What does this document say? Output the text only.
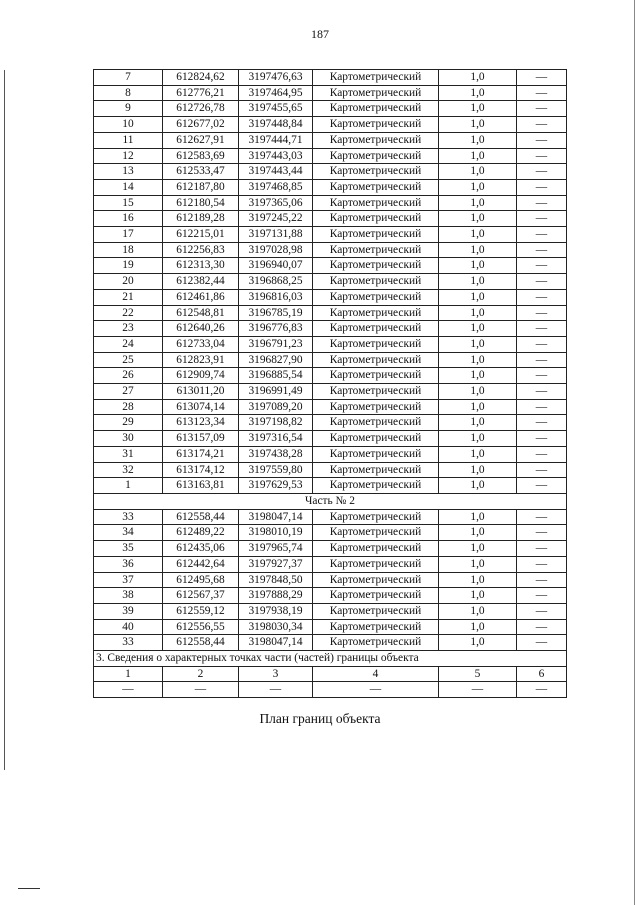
187
7	612824,62	3197476,63	Картометрический	1,0	—
8	612776,21	3197464,95	Картометрический	1,0	—
9	612726,78	3197455,65	Картометрический	1,0	—
10	612677,02	3197448,84	Картометрический	1,0	—
11	612627,91	3197444,71	Картометрический	1,0	—
12	612583,69	3197443,03	Картометрический	1,0	—
13	612533,47	3197443,44	Картометрический	1,0	—
14	612187,80	3197468,85	Картометрический	1,0	—
15	612180,54	3197365,06	Картометрический	1,0	—
16	612189,28	3197245,22	Картометрический	1,0	—
17	612215,01	3197131,88	Картометрический	1,0	—
18	612256,83	3197028,98	Картометрический	1,0	—
19	612313,30	3196940,07	Картометрический	1,0	—
20	612382,44	3196868,25	Картометрический	1,0	—
21	612461,86	3196816,03	Картометрический	1,0	—
22	612548,81	3196785,19	Картометрический	1,0	—
23	612640,26	3196776,83	Картометрический	1,0	—
24	612733,04	3196791,23	Картометрический	1,0	—
25	612823,91	3196827,90	Картометрический	1,0	—
26	612909,74	3196885,54	Картометрический	1,0	—
27	613011,20	3196991,49	Картометрический	1,0	—
28	613074,14	3197089,20	Картометрический	1,0	—
29	613123,34	3197198,82	Картометрический	1,0	—
30	613157,09	3197316,54	Картометрический	1,0	—
31	613174,21	3197438,28	Картометрический	1,0	—
32	613174,12	3197559,80	Картометрический	1,0	—
1	613163,81	3197629,53	Картометрический	1,0	—
Часть № 2					
33	612558,44	3198047,14	Картометрический	1,0	—
34	612489,22	3198010,19	Картометрический	1,0	—
35	612435,06	3197965,74	Картометрический	1,0	—
36	612442,64	3197927,37	Картометрический	1,0	—
37	612495,68	3197848,50	Картометрический	1,0	—
38	612567,37	3197888,29	Картометрический	1,0	—
39	612559,12	3197938,19	Картометрический	1,0	—
40	612556,55	3198030,34	Картометрический	1,0	—
33	612558,44	3198047,14	Картометрический	1,0	—
3. Сведения о характерных точках части (частей) границы объекта					
1	2	3	4	5	6
—	—	—	—	—	—
План границ объекта
